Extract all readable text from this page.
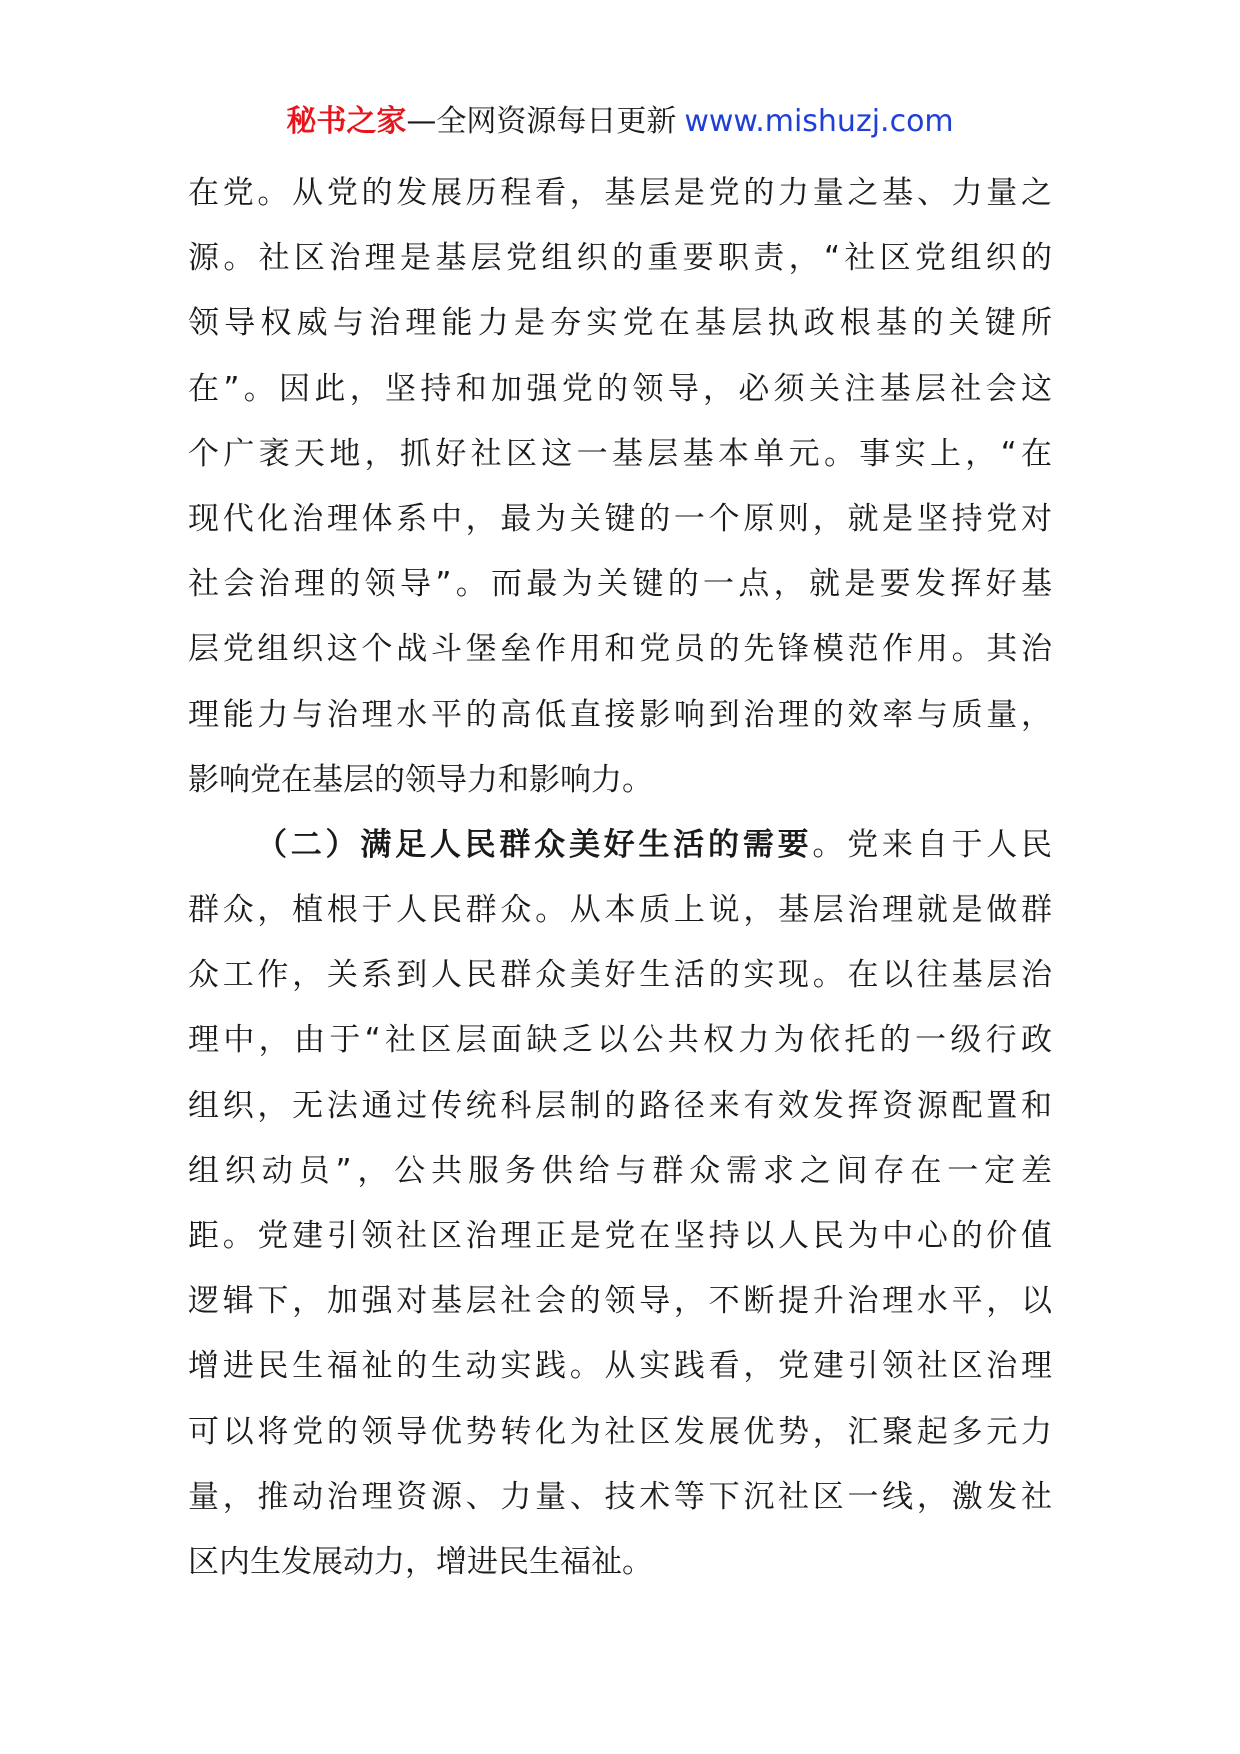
秘书之家—全网资源每日更新 www.mishuzj.com
在党。从党的发展历程看，基层是党的力量之基、力量之
源。社区治理是基层党组织的重要职责，“社区党组织的
领导权威与治理能力是夯实党在基层执政根基的关键所
在”。因此，坚持和加强党的领导，必须关注基层社会这
个广袤天地，抓好社区这一基层基本单元。事实上，“在
现代化治理体系中，最为关键的一个原则，就是坚持党对
社会治理的领导”。而最为关键的一点，就是要发挥好基
层党组织这个战斗堡垒作用和党员的先锋模范作用。其治
理能力与治理水平的高低直接影响到治理的效率与质量，
影响党在基层的领导力和影响力。
（二）满足人民群众美好生活的需要。党来自于人民
群众，植根于人民群众。从本质上说，基层治理就是做群
众工作，关系到人民群众美好生活的实现。在以往基层治
理中，由于“社区层面缺乏以公共权力为依托的一级行政
组织，无法通过传统科层制的路径来有效发挥资源配置和
组织动员”，公共服务供给与群众需求之间存在一定差
距。党建引领社区治理正是党在坚持以人民为中心的价值
逻辑下，加强对基层社会的领导，不断提升治理水平，以
增进民生福祉的生动实践。从实践看，党建引领社区治理
可以将党的领导优势转化为社区发展优势，汇聚起多元力
量，推动治理资源、力量、技术等下沉社区一线，激发社
区内生发展动力，增进民生福祉。
